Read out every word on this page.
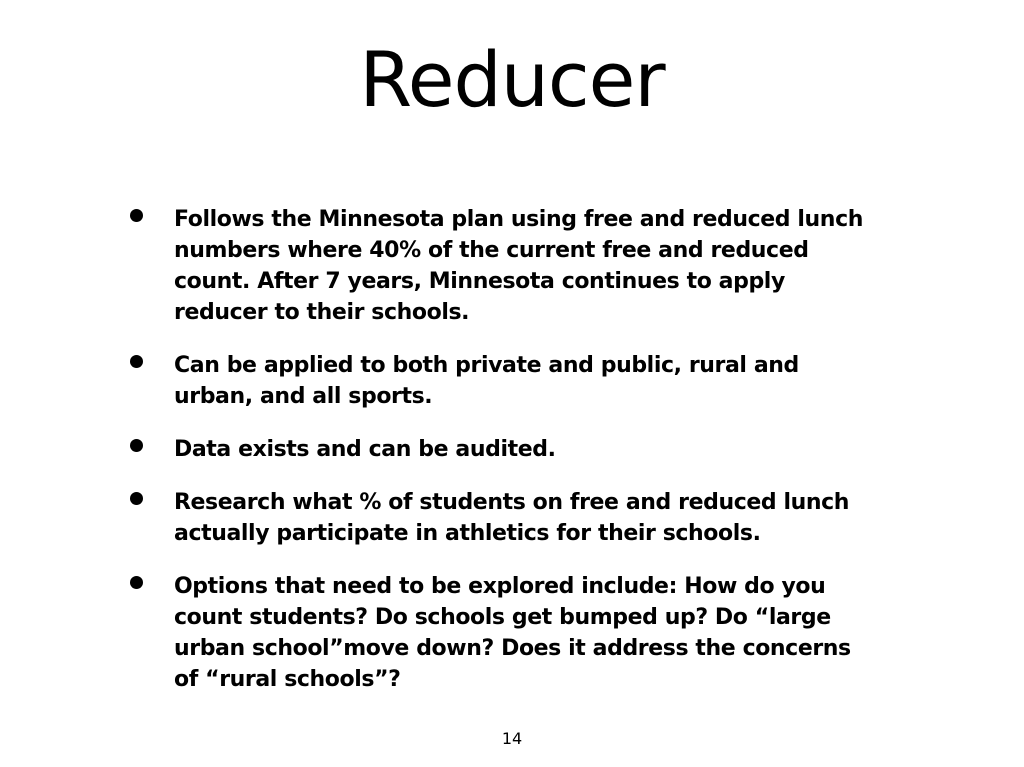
Reducer
Follows the Minnesota plan using free and reduced lunch
numbers where 40% of the current free and reduced
count. After 7 years, Minnesota continues to apply
reducer to their schools.
Can be applied to both private and public, rural and
urban, and all sports.
Data exists and can be audited.
Research what % of students on free and reduced lunch
actually participate in athletics for their schools.
Options that need to be explored include: How do you
count students? Do schools get bumped up? Do “large
urban school”move down? Does it address the concerns
of “rural schools”?
14
